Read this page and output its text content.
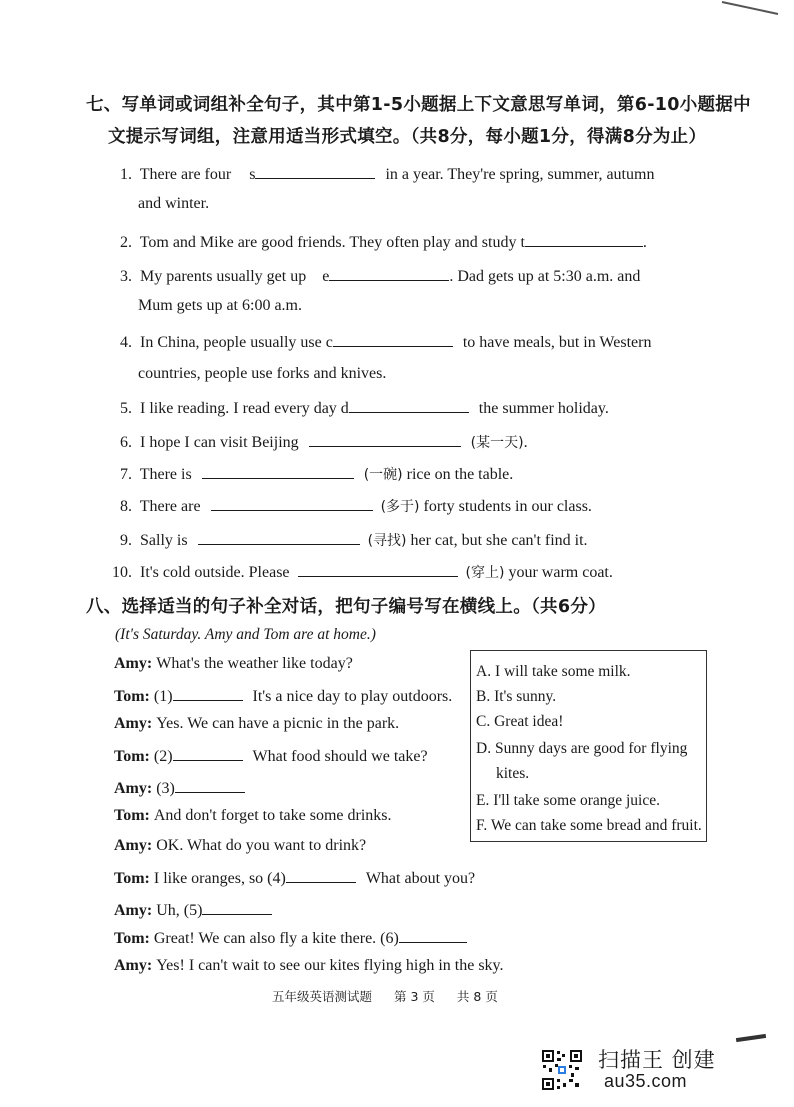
七、写单词或词组补全句子，其中第1-5小题据上下文意思写单词，第6-10小题据中
文提示写词组，注意用适当形式填空。（共8分，每小题1分，得满8分为止）
1. There are four s	in a year. They're spring, summer, autumn
and winter.
2. Tom and Mike are good friends. They often play and study t	.
3. My parents usually get up e	. Dad gets up at 5:30 a.m. and
Mum gets up at 6:00 a.m.
4. In China, people usually use c	to have meals, but in Western
countries, people use forks and knives.
5. I like reading. I read every day d	the summer holiday.
6. I hope I can visit Beijing	(某一天).
7. There is	(一碗) rice on the table.
8. There are	(多于) forty students in our class.
9. Sally is	(寻找) her cat, but she can't find it.
10. It's cold outside. Please	(穿上) your warm coat.
八、选择适当的句子补全对话，把句子编号写在横线上。（共6分）
(It's Saturday. Amy and Tom are at home.)
Amy: What's the weather like today?
Tom: (1)	It's a nice day to play outdoors.
Amy: Yes. We can have a picnic in the park.
Tom: (2)	What food should we take?
Amy: (3)
Tom: And don't forget to take some drinks.
Amy: OK. What do you want to drink?
Tom: I like oranges, so (4)	What about you?
Amy: Uh, (5)
Tom: Great! We can also fly a kite there. (6)
Amy: Yes! I can't wait to see our kites flying high in the sky.
A. I will take some milk.
B. It's sunny.
C. Great idea!
D. Sunny days are good for flying
kites.
E. I'll take some orange juice.
F. We can take some bread and fruit.
五年级英语测试题 第 3 页 共 8 页
扫描王 创建
au35.com
